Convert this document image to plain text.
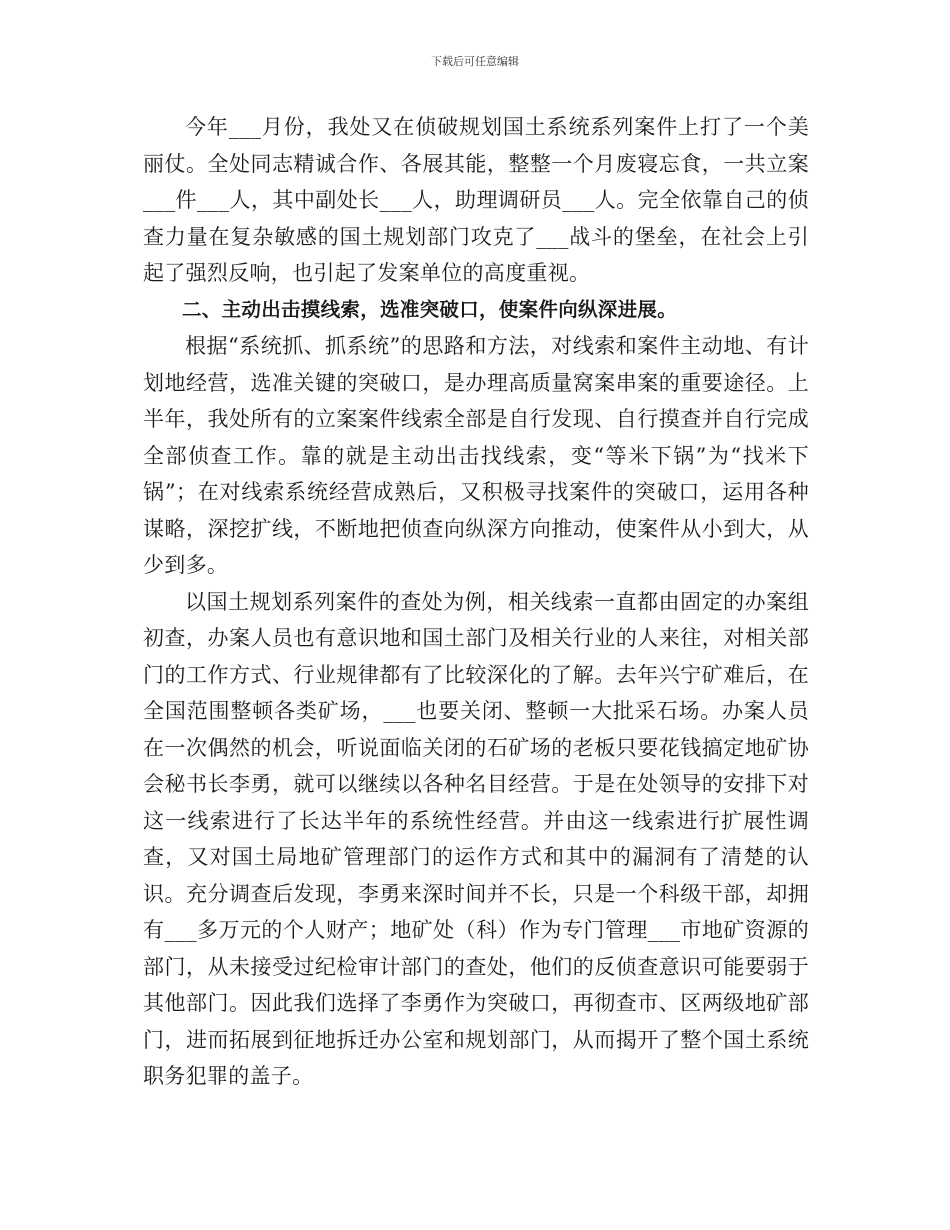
下载后可任意编辑

今年___月份，我处又在侦破规划国土系统系列案件上打了一个美丽仗。全处同志精诚合作、各展其能，整整一个月废寝忘食，一共立案___件___人，其中副处长___人，助理调研员___人。完全依靠自己的侦查力量在复杂敏感的国土规划部门攻克了___战斗的堡垒，在社会上引起了强烈反响，也引起了发案单位的高度重视。

二、主动出击摸线索，选准突破口，使案件向纵深进展。

根据“系统抓、抓系统”的思路和方法，对线索和案件主动地、有计划地经营，选准关键的突破口，是办理高质量窝案串案的重要途径。上半年，我处所有的立案案件线索全部是自行发现、自行摸查并自行完成全部侦查工作。靠的就是主动出击找线索，变“等米下锅”为“找米下锅”；在对线索系统经营成熟后，又积极寻找案件的突破口，运用各种谋略，深挖扩线，不断地把侦查向纵深方向推动，使案件从小到大，从少到多。

以国土规划系列案件的查处为例，相关线索一直都由固定的办案组初查，办案人员也有意识地和国土部门及相关行业的人来往，对相关部门的工作方式、行业规律都有了比较深化的了解。去年兴宁矿难后，在全国范围整顿各类矿场，___也要关闭、整顿一大批采石场。办案人员在一次偶然的机会，听说面临关闭的石矿场的老板只要花钱搞定地矿协会秘书长李勇，就可以继续以各种名目经营。于是在处领导的安排下对这一线索进行了长达半年的系统性经营。并由这一线索进行扩展性调查，又对国土局地矿管理部门的运作方式和其中的漏洞有了清楚的认识。充分调查后发现，李勇来深时间并不长，只是一个科级干部，却拥有___多万元的个人财产；地矿处（科）作为专门管理___市地矿资源的部门，从未接受过纪检审计部门的查处，他们的反侦查意识可能要弱于其他部门。因此我们选择了李勇作为突破口，再彻查市、区两级地矿部门，进而拓展到征地拆迁办公室和规划部门，从而揭开了整个国土系统职务犯罪的盖子。
